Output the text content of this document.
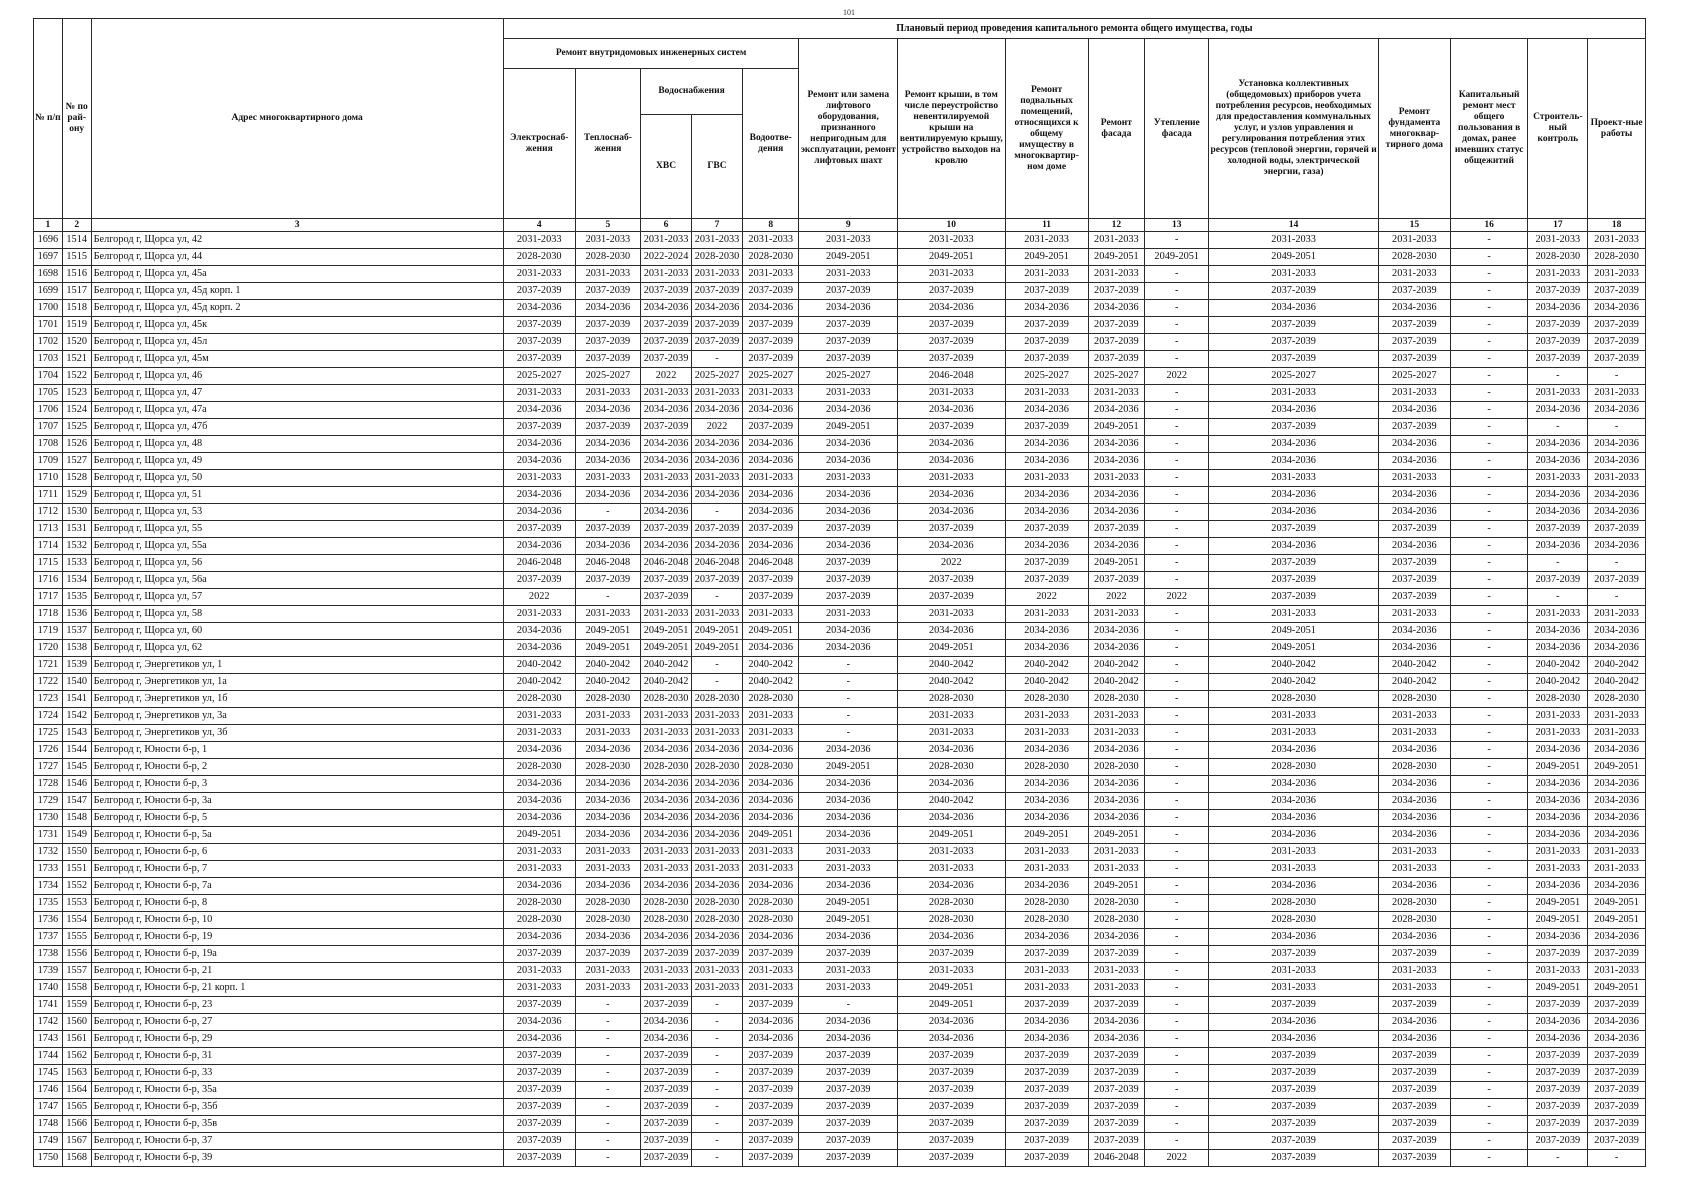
101
№ п/п	№ по рай-ону	Адрес многоквартирного дома	Плановый период проведения капитального ремонта общего имущества, годы														
			Ремонт внутридомовых инженерных систем					Ремонт или замена лифтового оборудования, признанного непригодным для эксплуатации, ремонт лифтовых шахт	Ремонт крыши, в том числе переустройство невентилируемой крыши на вентилируемую крышу, устройство выходов на кровлю	Ремонт подвальных помещений, относящихся к общему имуществу в многоквартир-ном доме	Ремонт фасада	Утепление фасада	Установка коллективных (общедомовых) приборов учета потребления ресурсов, необходимых для предоставления коммунальных услуг, и узлов управления и регулирования потребления этих ресурсов (тепловой энергии, горячей и холодной воды, электрической энергии, газа)	Ремонт фундамента многоквар-тирного дома	Капитальный ремонт мест общего пользования в домах, ранее имевших статус общежитий	Строитель-ный контроль	Проект-ные работы
			Электроснаб-жения	Теплоснаб-жения	Водоснабжения		Водоотве-дения										
					ХВС	ГВС											
1	2	3	4	5	6	7	8	9	10	11	12	13	14	15	16	17	18
1696	1514	Белгород г, Щорса ул, 42	2031-2033	2031-2033	2031-2033	2031-2033	2031-2033	2031-2033	2031-2033	2031-2033	2031-2033	-	2031-2033	2031-2033	-	2031-2033	2031-2033
1697	1515	Белгород г, Щорса ул, 44	2028-2030	2028-2030	2022-2024	2028-2030	2028-2030	2049-2051	2049-2051	2049-2051	2049-2051	2049-2051	2049-2051	2028-2030	-	2028-2030	2028-2030
1698	1516	Белгород г, Щорса ул, 45а	2031-2033	2031-2033	2031-2033	2031-2033	2031-2033	2031-2033	2031-2033	2031-2033	2031-2033	-	2031-2033	2031-2033	-	2031-2033	2031-2033
1699	1517	Белгород г, Щорса ул, 45д корп. 1	2037-2039	2037-2039	2037-2039	2037-2039	2037-2039	2037-2039	2037-2039	2037-2039	2037-2039	-	2037-2039	2037-2039	-	2037-2039	2037-2039
1700	1518	Белгород г, Щорса ул, 45д корп. 2	2034-2036	2034-2036	2034-2036	2034-2036	2034-2036	2034-2036	2034-2036	2034-2036	2034-2036	-	2034-2036	2034-2036	-	2034-2036	2034-2036
1701	1519	Белгород г, Щорса ул, 45к	2037-2039	2037-2039	2037-2039	2037-2039	2037-2039	2037-2039	2037-2039	2037-2039	2037-2039	-	2037-2039	2037-2039	-	2037-2039	2037-2039
1702	1520	Белгород г, Щорса ул, 45л	2037-2039	2037-2039	2037-2039	2037-2039	2037-2039	2037-2039	2037-2039	2037-2039	2037-2039	-	2037-2039	2037-2039	-	2037-2039	2037-2039
1703	1521	Белгород г, Щорса ул, 45м	2037-2039	2037-2039	2037-2039	-	2037-2039	2037-2039	2037-2039	2037-2039	2037-2039	-	2037-2039	2037-2039	-	2037-2039	2037-2039
1704	1522	Белгород г, Щорса ул, 46	2025-2027	2025-2027	2022	2025-2027	2025-2027	2025-2027	2046-2048	2025-2027	2025-2027	2022	2025-2027	2025-2027	-	-	-
1705	1523	Белгород г, Щорса ул, 47	2031-2033	2031-2033	2031-2033	2031-2033	2031-2033	2031-2033	2031-2033	2031-2033	2031-2033	-	2031-2033	2031-2033	-	2031-2033	2031-2033
1706	1524	Белгород г, Щорса ул, 47а	2034-2036	2034-2036	2034-2036	2034-2036	2034-2036	2034-2036	2034-2036	2034-2036	2034-2036	-	2034-2036	2034-2036	-	2034-2036	2034-2036
1707	1525	Белгород г, Щорса ул, 47б	2037-2039	2037-2039	2037-2039	2022	2037-2039	2049-2051	2037-2039	2037-2039	2049-2051	-	2037-2039	2037-2039	-	-	-
1708	1526	Белгород г, Щорса ул, 48	2034-2036	2034-2036	2034-2036	2034-2036	2034-2036	2034-2036	2034-2036	2034-2036	2034-2036	-	2034-2036	2034-2036	-	2034-2036	2034-2036
1709	1527	Белгород г, Щорса ул, 49	2034-2036	2034-2036	2034-2036	2034-2036	2034-2036	2034-2036	2034-2036	2034-2036	2034-2036	-	2034-2036	2034-2036	-	2034-2036	2034-2036
1710	1528	Белгород г, Щорса ул, 50	2031-2033	2031-2033	2031-2033	2031-2033	2031-2033	2031-2033	2031-2033	2031-2033	2031-2033	-	2031-2033	2031-2033	-	2031-2033	2031-2033
1711	1529	Белгород г, Щорса ул, 51	2034-2036	2034-2036	2034-2036	2034-2036	2034-2036	2034-2036	2034-2036	2034-2036	2034-2036	-	2034-2036	2034-2036	-	2034-2036	2034-2036
1712	1530	Белгород г, Щорса ул, 53	2034-2036	-	2034-2036	-	2034-2036	2034-2036	2034-2036	2034-2036	2034-2036	-	2034-2036	2034-2036	-	2034-2036	2034-2036
1713	1531	Белгород г, Щорса ул, 55	2037-2039	2037-2039	2037-2039	2037-2039	2037-2039	2037-2039	2037-2039	2037-2039	2037-2039	-	2037-2039	2037-2039	-	2037-2039	2037-2039
1714	1532	Белгород г, Щорса ул, 55а	2034-2036	2034-2036	2034-2036	2034-2036	2034-2036	2034-2036	2034-2036	2034-2036	2034-2036	-	2034-2036	2034-2036	-	2034-2036	2034-2036
1715	1533	Белгород г, Щорса ул, 56	2046-2048	2046-2048	2046-2048	2046-2048	2046-2048	2037-2039	2022	2037-2039	2049-2051	-	2037-2039	2037-2039	-	-	-
1716	1534	Белгород г, Щорса ул, 56а	2037-2039	2037-2039	2037-2039	2037-2039	2037-2039	2037-2039	2037-2039	2037-2039	2037-2039	-	2037-2039	2037-2039	-	2037-2039	2037-2039
1717	1535	Белгород г, Щорса ул, 57	2022	-	2037-2039	-	2037-2039	2037-2039	2037-2039	2022	2022	2022	2037-2039	2037-2039	-	-	-
1718	1536	Белгород г, Щорса ул, 58	2031-2033	2031-2033	2031-2033	2031-2033	2031-2033	2031-2033	2031-2033	2031-2033	2031-2033	-	2031-2033	2031-2033	-	2031-2033	2031-2033
1719	1537	Белгород г, Щорса ул, 60	2034-2036	2049-2051	2049-2051	2049-2051	2049-2051	2034-2036	2034-2036	2034-2036	2034-2036	-	2049-2051	2034-2036	-	2034-2036	2034-2036
1720	1538	Белгород г, Щорса ул, 62	2034-2036	2049-2051	2049-2051	2049-2051	2034-2036	2034-2036	2049-2051	2034-2036	2034-2036	-	2049-2051	2034-2036	-	2034-2036	2034-2036
1721	1539	Белгород г, Энергетиков ул, 1	2040-2042	2040-2042	2040-2042	-	2040-2042	-	2040-2042	2040-2042	2040-2042	-	2040-2042	2040-2042	-	2040-2042	2040-2042
1722	1540	Белгород г, Энергетиков ул, 1а	2040-2042	2040-2042	2040-2042	-	2040-2042	-	2040-2042	2040-2042	2040-2042	-	2040-2042	2040-2042	-	2040-2042	2040-2042
1723	1541	Белгород г, Энергетиков ул, 1б	2028-2030	2028-2030	2028-2030	2028-2030	2028-2030	-	2028-2030	2028-2030	2028-2030	-	2028-2030	2028-2030	-	2028-2030	2028-2030
1724	1542	Белгород г, Энергетиков ул, 3а	2031-2033	2031-2033	2031-2033	2031-2033	2031-2033	-	2031-2033	2031-2033	2031-2033	-	2031-2033	2031-2033	-	2031-2033	2031-2033
1725	1543	Белгород г, Энергетиков ул, 3б	2031-2033	2031-2033	2031-2033	2031-2033	2031-2033	-	2031-2033	2031-2033	2031-2033	-	2031-2033	2031-2033	-	2031-2033	2031-2033
1726	1544	Белгород г, Юности б-р, 1	2034-2036	2034-2036	2034-2036	2034-2036	2034-2036	2034-2036	2034-2036	2034-2036	2034-2036	-	2034-2036	2034-2036	-	2034-2036	2034-2036
1727	1545	Белгород г, Юности б-р, 2	2028-2030	2028-2030	2028-2030	2028-2030	2028-2030	2049-2051	2028-2030	2028-2030	2028-2030	-	2028-2030	2028-2030	-	2049-2051	2049-2051
1728	1546	Белгород г, Юности б-р, 3	2034-2036	2034-2036	2034-2036	2034-2036	2034-2036	2034-2036	2034-2036	2034-2036	2034-2036	-	2034-2036	2034-2036	-	2034-2036	2034-2036
1729	1547	Белгород г, Юности б-р, 3а	2034-2036	2034-2036	2034-2036	2034-2036	2034-2036	2034-2036	2040-2042	2034-2036	2034-2036	-	2034-2036	2034-2036	-	2034-2036	2034-2036
1730	1548	Белгород г, Юности б-р, 5	2034-2036	2034-2036	2034-2036	2034-2036	2034-2036	2034-2036	2034-2036	2034-2036	2034-2036	-	2034-2036	2034-2036	-	2034-2036	2034-2036
1731	1549	Белгород г, Юности б-р, 5а	2049-2051	2034-2036	2034-2036	2034-2036	2049-2051	2034-2036	2049-2051	2049-2051	2049-2051	-	2034-2036	2034-2036	-	2034-2036	2034-2036
1732	1550	Белгород г, Юности б-р, 6	2031-2033	2031-2033	2031-2033	2031-2033	2031-2033	2031-2033	2031-2033	2031-2033	2031-2033	-	2031-2033	2031-2033	-	2031-2033	2031-2033
1733	1551	Белгород г, Юности б-р, 7	2031-2033	2031-2033	2031-2033	2031-2033	2031-2033	2031-2033	2031-2033	2031-2033	2031-2033	-	2031-2033	2031-2033	-	2031-2033	2031-2033
1734	1552	Белгород г, Юности б-р, 7а	2034-2036	2034-2036	2034-2036	2034-2036	2034-2036	2034-2036	2034-2036	2034-2036	2049-2051	-	2034-2036	2034-2036	-	2034-2036	2034-2036
1735	1553	Белгород г, Юности б-р, 8	2028-2030	2028-2030	2028-2030	2028-2030	2028-2030	2049-2051	2028-2030	2028-2030	2028-2030	-	2028-2030	2028-2030	-	2049-2051	2049-2051
1736	1554	Белгород г, Юности б-р, 10	2028-2030	2028-2030	2028-2030	2028-2030	2028-2030	2049-2051	2028-2030	2028-2030	2028-2030	-	2028-2030	2028-2030	-	2049-2051	2049-2051
1737	1555	Белгород г, Юности б-р, 19	2034-2036	2034-2036	2034-2036	2034-2036	2034-2036	2034-2036	2034-2036	2034-2036	2034-2036	-	2034-2036	2034-2036	-	2034-2036	2034-2036
1738	1556	Белгород г, Юности б-р, 19а	2037-2039	2037-2039	2037-2039	2037-2039	2037-2039	2037-2039	2037-2039	2037-2039	2037-2039	-	2037-2039	2037-2039	-	2037-2039	2037-2039
1739	1557	Белгород г, Юности б-р, 21	2031-2033	2031-2033	2031-2033	2031-2033	2031-2033	2031-2033	2031-2033	2031-2033	2031-2033	-	2031-2033	2031-2033	-	2031-2033	2031-2033
1740	1558	Белгород г, Юности б-р, 21 корп. 1	2031-2033	2031-2033	2031-2033	2031-2033	2031-2033	2031-2033	2049-2051	2031-2033	2031-2033	-	2031-2033	2031-2033	-	2049-2051	2049-2051
1741	1559	Белгород г, Юности б-р, 23	2037-2039	-	2037-2039	-	2037-2039	-	2049-2051	2037-2039	2037-2039	-	2037-2039	2037-2039	-	2037-2039	2037-2039
1742	1560	Белгород г, Юности б-р, 27	2034-2036	-	2034-2036	-	2034-2036	2034-2036	2034-2036	2034-2036	2034-2036	-	2034-2036	2034-2036	-	2034-2036	2034-2036
1743	1561	Белгород г, Юности б-р, 29	2034-2036	-	2034-2036	-	2034-2036	2034-2036	2034-2036	2034-2036	2034-2036	-	2034-2036	2034-2036	-	2034-2036	2034-2036
1744	1562	Белгород г, Юности б-р, 31	2037-2039	-	2037-2039	-	2037-2039	2037-2039	2037-2039	2037-2039	2037-2039	-	2037-2039	2037-2039	-	2037-2039	2037-2039
1745	1563	Белгород г, Юности б-р, 33	2037-2039	-	2037-2039	-	2037-2039	2037-2039	2037-2039	2037-2039	2037-2039	-	2037-2039	2037-2039	-	2037-2039	2037-2039
1746	1564	Белгород г, Юности б-р, 35а	2037-2039	-	2037-2039	-	2037-2039	2037-2039	2037-2039	2037-2039	2037-2039	-	2037-2039	2037-2039	-	2037-2039	2037-2039
1747	1565	Белгород г, Юности б-р, 35б	2037-2039	-	2037-2039	-	2037-2039	2037-2039	2037-2039	2037-2039	2037-2039	-	2037-2039	2037-2039	-	2037-2039	2037-2039
1748	1566	Белгород г, Юности б-р, 35в	2037-2039	-	2037-2039	-	2037-2039	2037-2039	2037-2039	2037-2039	2037-2039	-	2037-2039	2037-2039	-	2037-2039	2037-2039
1749	1567	Белгород г, Юности б-р, 37	2037-2039	-	2037-2039	-	2037-2039	2037-2039	2037-2039	2037-2039	2037-2039	-	2037-2039	2037-2039	-	2037-2039	2037-2039
1750	1568	Белгород г, Юности б-р, 39	2037-2039	-	2037-2039	-	2037-2039	2037-2039	2037-2039	2037-2039	2046-2048	2022	2037-2039	2037-2039	-	-	-
